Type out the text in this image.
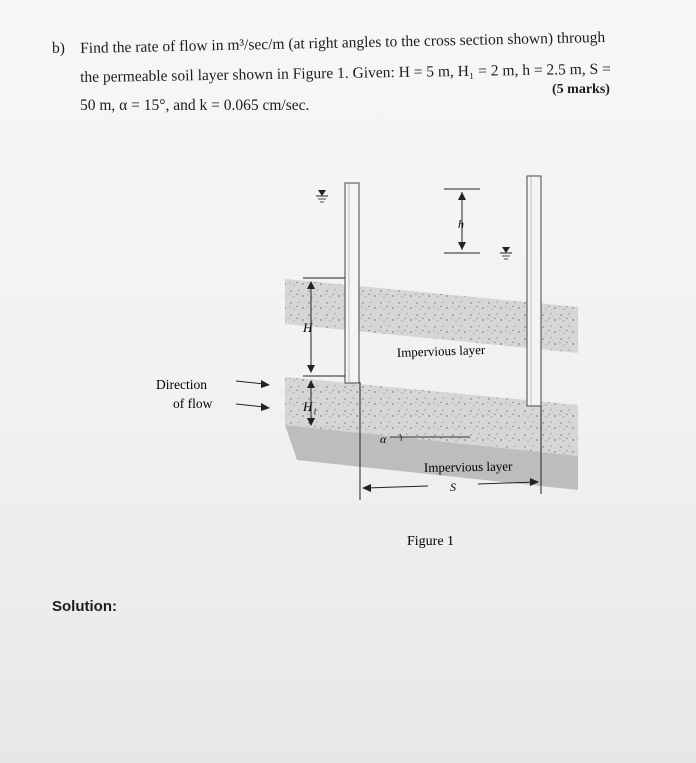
b) Find the rate of flow in m³/sec/m (at right angles to the cross section shown) through
the permeable soil layer shown in Figure 1. Given: H = 5 m, H₁ = 2 m, h = 2.5 m, S =
50 m, α = 15°, and k = 0.065 cm/sec.
(5 marks)
H
H₁
h
α
S
Impervious layer
Impervious layer
Direction
of flow
Figure 1
Solution:
